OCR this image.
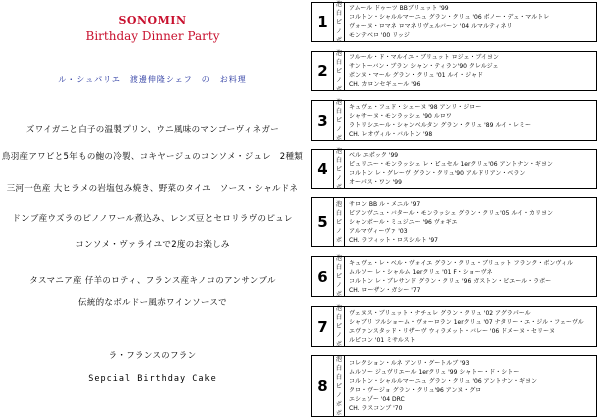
SONOMIN
Birthday Dinner Party
ル・シュパリエ　渡邊伸隆シェフ　の　お料理
ズワイガニと白子の温製プリン、ウニ風味のマンゴーヴィネガー
鳥羽産アワビと5年もの鮑の冷製、コキヤージュのコンソメ・ジュレ　2種類
三河一色産 大ヒラメの岩塩包み焼き、野菜のタイユ　ソース・シャルドネ
ドンブ産ウズラのピノノワール煮込み、レンズ豆とセロリラヴのピュレ
コンソメ・ヴァライユで2度のお楽しみ
タスマニア産 仔羊のロティ、フランス産キノコのアンサンブル
伝統的なボルドー風赤ワインソースで
ラ・フランスのフラン
Sepcial Birthday Cake
1
泡
白
ピノ
ボ
アムール ドゥーツ BBブリュット '99
コルトン・シャルルマーニュ グラン・クリュ '06 ボノー・デュ・マルトレ
ヴォーヌ・ロマネ ロマネリヴェルバーン '04 ルマルティネリ
モンテベロ '00 リッジ
2
泡
白
ピノ
ボ
フルール・ド・マルイユ・ブリュット ロジェ・ブイヨン
サントーバン・ブラン シャン・ティラン'90 クレルジェ
ボンヌ・マール グラン・クリュ '01 ルイ・ジャド
CH. カロンセギュール '96
3
泡
白
ピノ
ボ
キュヴェ・フュド・シェーヌ '98 アンリ・ジロー
シャサーヌ・モンラッシェ '90 ルロワ
ラトリシエール・シャンベルタン グラン・クリュ '89 ルイ・レミー
CH. レオヴィル・バルトン '98
4
泡
白
ピノ
ボ
ベル エポック '99
ピュリニー・モンラッシェ レ・ピュセル 1erクリュ'06 アントナン・ギヨン
コルトン レ・グレーヴ グラン・クリュ'90 アルドリアン・ベラン
オーパス・ワン '99
5
泡
白
ピノ
ボ
サロン BB ル・メニル '97
ビアンヴニュ・バタール・モンラッシェ グラン・クリュ'05 ルイ・カリヨン
シャンボール・ミュジニー '96 ヴォギエ
アルマヴィーヴァ '03
CH. ラフィット・ロスシルト '97
6
泡
白
ピノ
ボ
キュヴェ・レ・ベル・ヴォイエ グラン・クリュ・ブリュット フランク・ボンヴィル
ムルソー レ・シャルム 1erクリュ '01 F・ショーヴネ
コルトン レ・ブレサンド グラン・クリュ '96 ガストン・ビエール・ラボー
CH. ローザン・ガシー '77
7
泡
白
ピノ
ボ
ヴェヌス・ブリュット・ナチュレ グラン・クリュ '02 アグラパール
シャブリ フルショーム・ヴォーロラン 1erクリュ '07 ナタリー・エ・ジル・フェーヴル
エヴァンスタッド・リザーヴ ウィラメット・バレー '06 ドメーヌ・セリーヌ
ルピコン '01 ミサルスト
8
泡
白
白
ピノ
ボ
ボ
コレクション・ルネ アンリ・グートルブ '93
ムルソー ジュヴリエール 1erクリュ '99 シャトー・ド・シトー
コルトン・シャルルマーニュ グラン・クリュ '06 アントナン・ギヨン
クロ・ヴージョ グラン・クリュ'96 アンヌ・グロ
エシェゾー '04 DRC
CH. ラスコンブ '70
